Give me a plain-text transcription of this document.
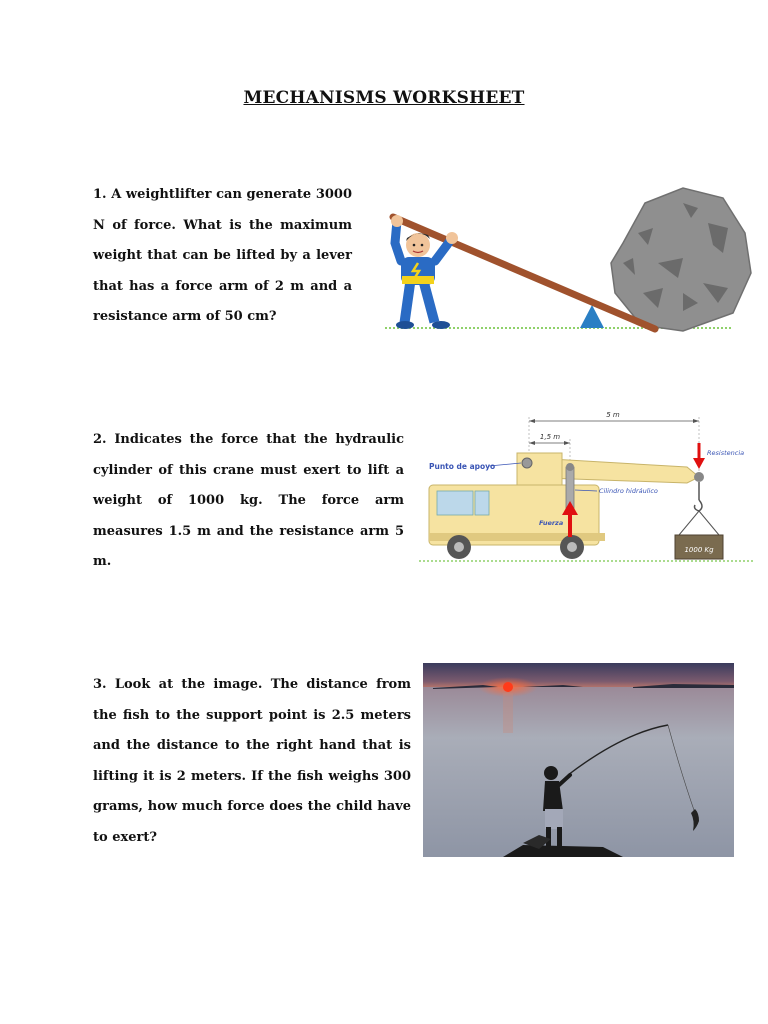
MECHANISMS WORKSHEET
1. A weightlifter can generate 3000 N of force. What is the maximum weight that can be lifted by a lever that has a force arm of 2 m and a resistance arm of 50 cm?
2. Indicates the force that the hydraulic cylinder of this crane must exert to lift a weight of 1000 kg. The force arm measures 1.5 m and the resistance arm 5 m.
5 m
1,5 m
1000 Kg
Punto de apoyo
Cilindro hidráulico
Resistencia
Fuerza
3. Look at the image. The distance from the fish to the support point is 2.5 meters and the distance to the right hand that is lifting it is 2 meters. If the fish weighs 300 grams, how much force does the child have to exert?
